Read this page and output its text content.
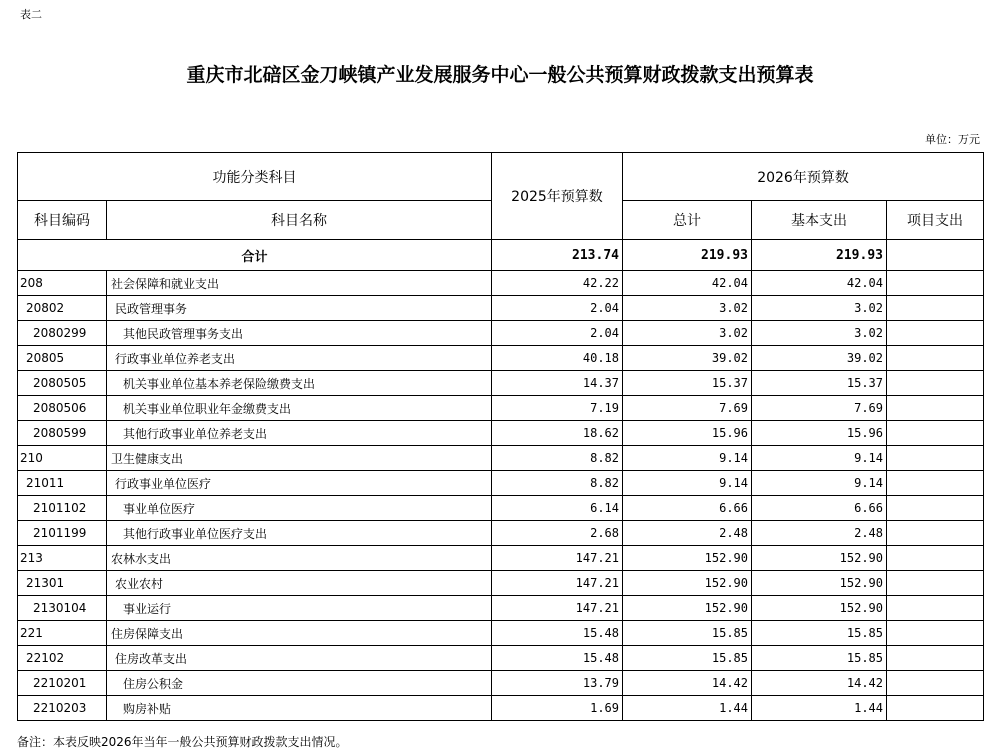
表二
重庆市北碚区金刀峡镇产业发展服务中心一般公共预算财政拨款支出预算表
单位：万元
功能分类科目		2025年预算数	2026年预算数		
科目编码	科目名称		总计	基本支出	项目支出
合计		213.74	219.93	219.93	
208	社会保障和就业支出	42.22	42.04	42.04	
20802	民政管理事务	2.04	3.02	3.02	
2080299	其他民政管理事务支出	2.04	3.02	3.02	
20805	行政事业单位养老支出	40.18	39.02	39.02	
2080505	机关事业单位基本养老保险缴费支出	14.37	15.37	15.37	
2080506	机关事业单位职业年金缴费支出	7.19	7.69	7.69	
2080599	其他行政事业单位养老支出	18.62	15.96	15.96	
210	卫生健康支出	8.82	9.14	9.14	
21011	行政事业单位医疗	8.82	9.14	9.14	
2101102	事业单位医疗	6.14	6.66	6.66	
2101199	其他行政事业单位医疗支出	2.68	2.48	2.48	
213	农林水支出	147.21	152.90	152.90	
21301	农业农村	147.21	152.90	152.90	
2130104	事业运行	147.21	152.90	152.90	
221	住房保障支出	15.48	15.85	15.85	
22102	住房改革支出	15.48	15.85	15.85	
2210201	住房公积金	13.79	14.42	14.42	
2210203	购房补贴	1.69	1.44	1.44	
备注：本表反映2026年当年一般公共预算财政拨款支出情况。
